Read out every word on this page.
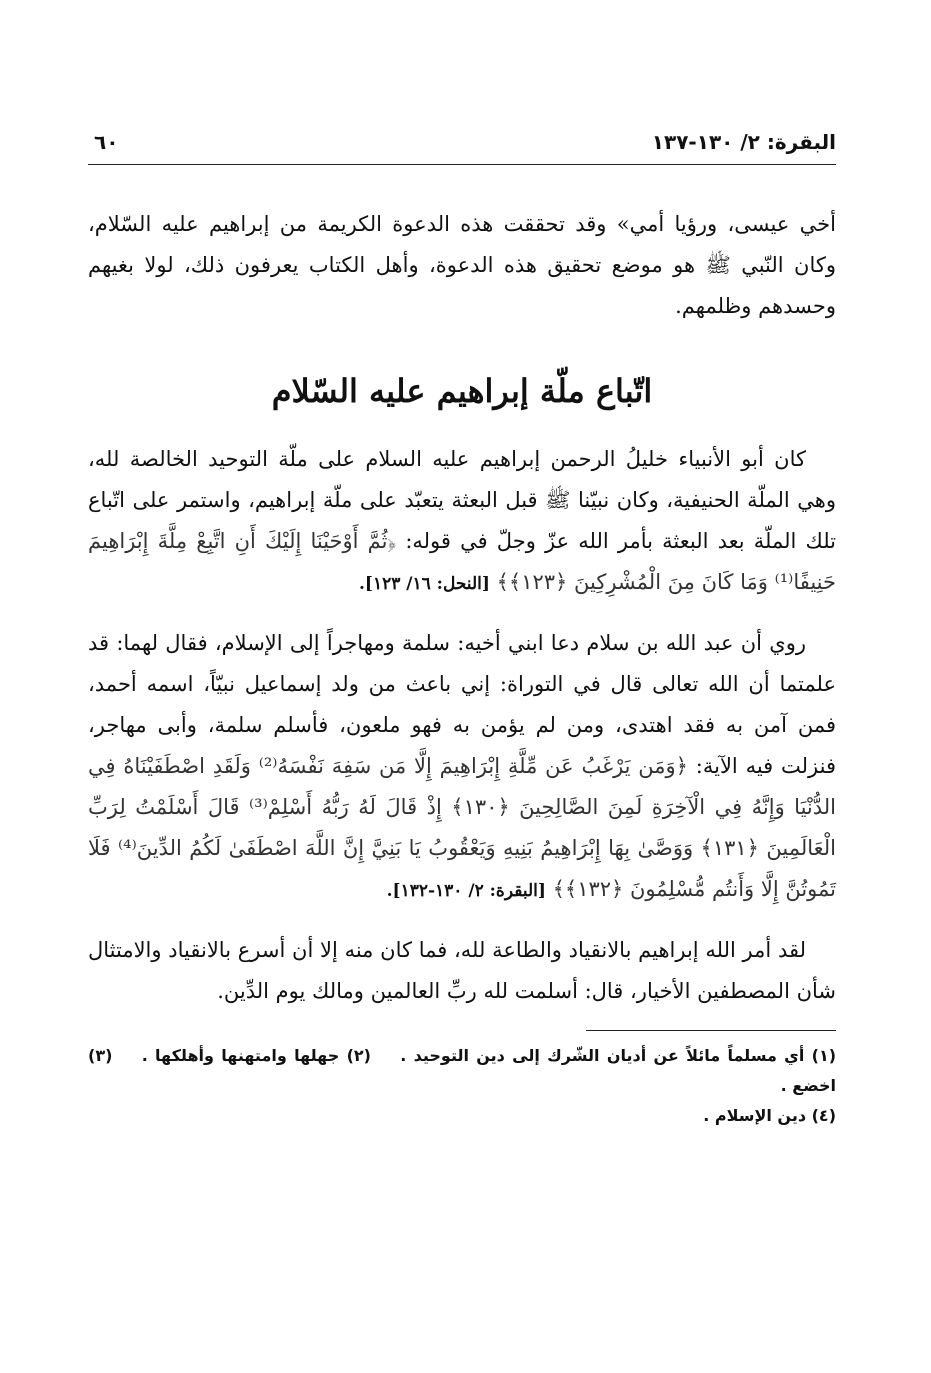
البقرة: ٢/ ١٣٠-١٣٧
٦٠

أخي عيسى، ورؤيا أمي» وقد تحققت هذه الدعوة الكريمة من إبراهيم عليه السّلام، وكان النّبي ﷺ هو موضع تحقيق هذه الدعوة، وأهل الكتاب يعرفون ذلك، لولا بغيهم وحسدهم وظلمهم.

اتّباع ملّة إبراهيم عليه السّلام

كان أبو الأنبياء خليلُ الرحمن إبراهيم عليه السلام على ملّة التوحيد الخالصة لله، وهي الملّة الحنيفية، وكان نبيّنا ﷺ قبل البعثة يتعبّد على ملّة إبراهيم، واستمر على اتّباع تلك الملّة بعد البعثة بأمر الله عزّ وجلّ في قوله: ﴿ثُمَّ أَوْحَيْنَا إِلَيْكَ أَنِ اتَّبِعْ مِلَّةَ إِبْرَاهِيمَ حَنِيفًا⁽¹⁾ وَمَا كَانَ مِنَ الْمُشْرِكِينَ ﴿١٢٣﴾﴾ [النحل: ١٦/ ١٢٣].

روي أن عبد الله بن سلام دعا ابني أخيه: سلمة ومهاجراً إلى الإسلام، فقال لهما: قد علمتما أن الله تعالى قال في التوراة: إني باعث من ولد إسماعيل نبيّاً، اسمه أحمد، فمن آمن به فقد اهتدى، ومن لم يؤمن به فهو ملعون، فأسلم سلمة، وأبى مهاجر، فنزلت فيه الآية: ﴿وَمَن يَرْغَبُ عَن مِّلَّةِ إِبْرَاهِيمَ إِلَّا مَن سَفِهَ نَفْسَهُ⁽²⁾ وَلَقَدِ اصْطَفَيْنَاهُ فِي الدُّنْيَا وَإِنَّهُ فِي الْآخِرَةِ لَمِنَ الصَّالِحِينَ ﴿١٣٠﴾ إِذْ قَالَ لَهُ رَبُّهُ أَسْلِمْ⁽³⁾ قَالَ أَسْلَمْتُ لِرَبِّ الْعَالَمِينَ ﴿١٣١﴾ وَوَصَّىٰ بِهَا إِبْرَاهِيمُ بَنِيهِ وَيَعْقُوبُ يَا بَنِيَّ إِنَّ اللَّهَ اصْطَفَىٰ لَكُمُ الدِّينَ⁽⁴⁾ فَلَا تَمُوتُنَّ إِلَّا وَأَنتُم مُّسْلِمُونَ ﴿١٣٢﴾﴾ [البقرة: ٢/ ١٣٠-١٣٢].

لقد أمر الله إبراهيم بالانقياد والطاعة لله، فما كان منه إلا أن أسرع بالانقياد والامتثال شأن المصطفين الأخيار، قال: أسلمت لله ربِّ العالمين ومالك يوم الدِّين.

(١) أي مسلماً مائلاً عن أديان الشّرك إلى دين التوحيد . (٢) جهلها وامتهنها وأهلكها . (٣) اخضع .
(٤) دين الإسلام .
